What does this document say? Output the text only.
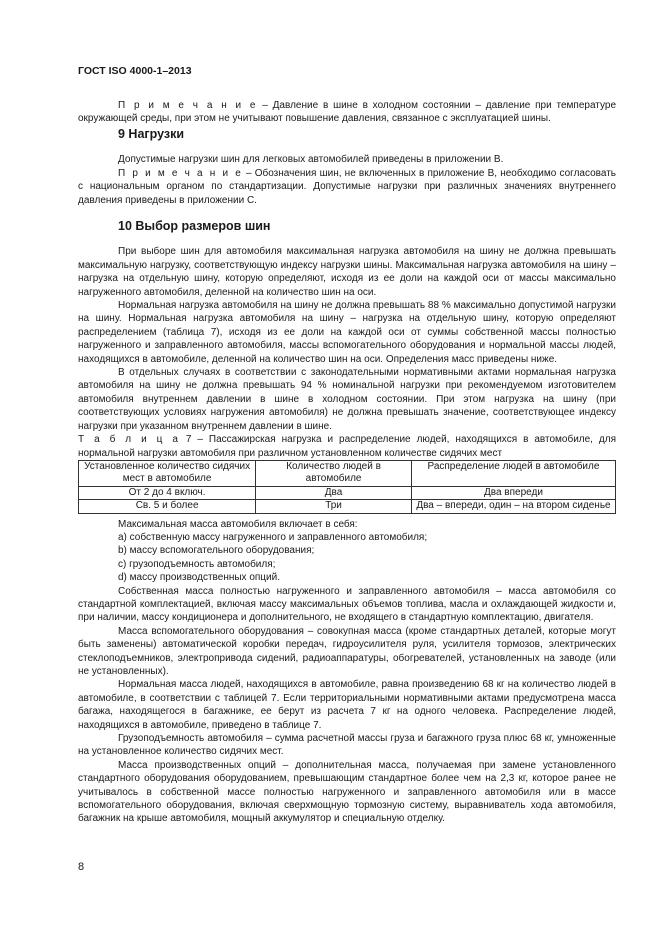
ГОСТ ISO 4000-1–2013

П р и м е ч а н и е – Давление в шине в холодном состоянии – давление при температуре окружающей среды, при этом не учитывают повышение давления, связанное с эксплуатацией шины.

9 Нагрузки

Допустимые нагрузки шин для легковых автомобилей приведены в приложении В.

П р и м е ч а н и е – Обозначения шин, не включенных в приложение В, необходимо согласовать с национальным органом по стандартизации. Допустимые нагрузки при различных значениях внутреннего давления приведены в приложении С.

10 Выбор размеров шин

При выборе шин для автомобиля максимальная нагрузка автомобиля на шину не должна превышать максимальную нагрузку, соответствующую индексу нагрузки шины. Максимальная нагрузка автомобиля на шину – нагрузка на отдельную шину, которую определяют, исходя из ее доли на каждой оси от массы максимально нагруженного автомобиля, деленной на количество шин на оси.

Нормальная нагрузка автомобиля на шину не должна превышать 88 % максимально допустимой нагрузки на шину. Нормальная нагрузка автомобиля на шину – нагрузка на отдельную шину, которую определяют распределением (таблица 7), исходя из ее доли на каждой оси от суммы собственной массы полностью нагруженного и заправленного автомобиля, массы вспомогательного оборудования и нормальной массы людей, находящихся в автомобиле, деленной на количество шин на оси. Определения масс приведены ниже.

В отдельных случаях в соответствии с законодательными нормативными актами нормальная нагрузка автомобиля на шину не должна превышать 94 % номинальной нагрузки при рекомендуемом изготовителем автомобиля внутреннем давлении в шине в холодном состоянии. При этом нагрузка на шину (при соответствующих условиях нагружения автомобиля) не должна превышать значение, соответствующее индексу нагрузки при указанном внутреннем давлении в шине.

Т а б л и ц а 7 – Пассажирская нагрузка и распределение людей, находящихся в автомобиле, для нормальной нагрузки автомобиля при различном установленном количестве сидячих мест

Установленное количество сидячих мест в автомобиле	Количество людей в автомобиле	Распределение людей в автомобиле
От 2 до 4 включ.	Два	Два впереди
Св. 5 и более	Три	Два – впереди, один – на втором сиденье

Максимальная масса автомобиля включает в себя:

a) собственную массу нагруженного и заправленного автомобиля;

b) массу вспомогательного оборудования;

c) грузоподъемность автомобиля;

d) массу производственных опций.

Собственная масса полностью нагруженного и заправленного автомобиля – масса автомобиля со стандартной комплектацией, включая массу максимальных объемов топлива, масла и охлаждающей жидкости и, при наличии, массу кондиционера и дополнительного, не входящего в стандартную комплектацию, двигателя.

Масса вспомогательного оборудования – совокупная масса (кроме стандартных деталей, которые могут быть заменены) автоматической коробки передач, гидроусилителя руля, усилителя тормозов, электрических стеклоподъемников, электропривода сидений, радиоаппаратуры, обогревателей, установленных на заводе (или не установленных).

Нормальная масса людей, находящихся в автомобиле, равна произведению 68 кг на количество людей в автомобиле, в соответствии с таблицей 7. Если территориальными нормативными актами предусмотрена масса багажа, находящегося в багажнике, ее берут из расчета 7 кг на одного человека. Распределение людей, находящихся в автомобиле, приведено в таблице 7.

Грузоподъемность автомобиля – сумма расчетной массы груза и багажного груза плюс 68 кг, умноженные на установленное количество сидячих мест.

Масса производственных опций – дополнительная масса, получаемая при замене установленного стандартного оборудования оборудованием, превышающим стандартное более чем на 2,3 кг, которое ранее не учитывалось в собственной массе полностью нагруженного и заправленного автомобиля или в массе вспомогательного оборудования, включая сверхмощную тормозную систему, выравниватель хода автомобиля, багажник на крыше автомобиля, мощный аккумулятор и специальную отделку.

8
